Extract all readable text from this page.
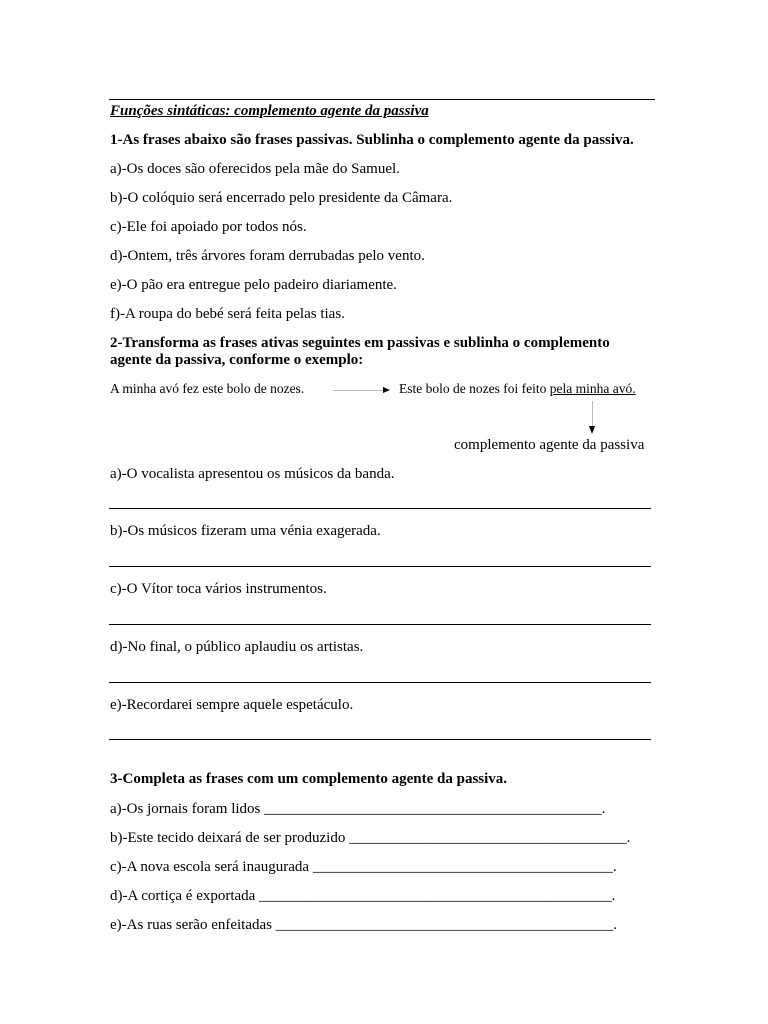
Funções sintáticas: complemento agente da passiva
1-As frases abaixo são frases passivas. Sublinha o complemento agente da passiva.
a)-Os doces são oferecidos pela mãe do Samuel.
b)-O colóquio será encerrado pelo presidente da Câmara.
c)-Ele foi apoiado por todos nós.
d)-Ontem, três árvores foram derrubadas pelo vento.
e)-O pão era entregue pelo padeiro diariamente.
f)-A roupa do bebé será feita pelas tias.
2-Transforma as frases ativas seguintes em passivas e sublinha o complemento agente da passiva, conforme o exemplo:
A minha avó fez este bolo de nozes.	Este bolo de nozes foi feito pela minha avó.
complemento agente da passiva
a)-O vocalista apresentou os músicos da banda.
b)-Os músicos fizeram uma vénia exagerada.
c)-O Vítor toca vários instrumentos.
d)-No final, o público aplaudiu os artistas.
e)-Recordarei sempre aquele espetáculo.
3-Completa as frases com um complemento agente da passiva.
a)-Os jornais foram lidos _____________________________________________.
b)-Este tecido deixará de ser produzido _____________________________________.
c)-A nova escola será inaugurada ________________________________________.
d)-A cortiça é exportada _______________________________________________.
e)-As ruas serão enfeitadas _____________________________________________.
